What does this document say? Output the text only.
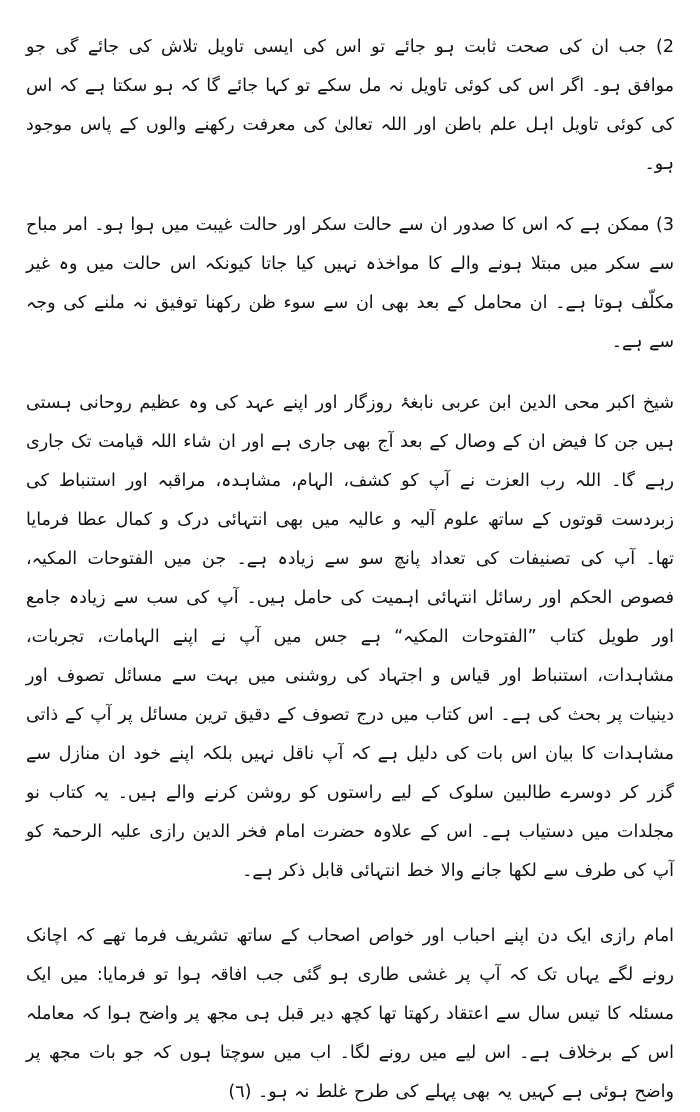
2) جب ان کی صحت ثابت ہو جائے تو اس کی ایسی تاویل تلاش کی جائے گی جو موافق ہو۔ اگر اس کی کوئی تاویل نہ مل سکے تو کہا جائے گا کہ ہو سکتا ہے کہ اس کی کوئی تاویل اہل علم باطن اور اللہ تعالیٰ کی معرفت رکھنے والوں کے پاس موجود ہو۔

3) ممکن ہے کہ اس کا صدور ان سے حالت سکر اور حالت غیبت میں ہوا ہو۔ امر مباح سے سکر میں مبتلا ہونے والے کا مواخذہ نہیں کیا جاتا کیونکہ اس حالت میں وہ غیر مکلّف ہوتا ہے۔ ان محامل کے بعد بھی ان سے سوء ظن رکھنا توفیق نہ ملنے کی وجہ سے ہے۔

شیخ اکبر محی الدین ابن عربی نابغۂ روزگار اور اپنے عہد کی وہ عظیم روحانی ہستی ہیں جن کا فیض ان کے وصال کے بعد آج بھی جاری ہے اور ان شاء اللہ قیامت تک جاری رہے گا۔ اللہ رب العزت نے آپ کو کشف، الہام، مشاہدہ، مراقبہ اور استنباط کی زبردست قوتوں کے ساتھ علوم آلیہ و عالیہ میں بھی انتہائی درک و کمال عطا فرمایا تھا۔ آپ کی تصنیفات کی تعداد پانچ سو سے زیادہ ہے۔ جن میں الفتوحات المکیہ، فصوص الحکم اور رسائل انتہائی اہمیت کی حامل ہیں۔ آپ کی سب سے زیادہ جامع اور طویل کتاب ”الفتوحات المکیہ“ ہے جس میں آپ نے اپنے الہامات، تجربات، مشاہدات، استنباط اور قیاس و اجتہاد کی روشنی میں بہت سے مسائل تصوف اور دینیات پر بحث کی ہے۔ اس کتاب میں درج تصوف کے دقیق ترین مسائل پر آپ کے ذاتی مشاہدات کا بیان اس بات کی دلیل ہے کہ آپ ناقل نہیں بلکہ اپنے خود ان منازل سے گزر کر دوسرے طالبین سلوک کے لیے راستوں کو روشن کرنے والے ہیں۔ یہ کتاب نو مجلدات میں دستیاب ہے۔ اس کے علاوہ حضرت امام فخر الدین رازی علیہ الرحمۃ کو آپ کی طرف سے لکھا جانے والا خط انتہائی قابل ذکر ہے۔

امام رازی ایک دن اپنے احباب اور خواص اصحاب کے ساتھ تشریف فرما تھے کہ اچانک رونے لگے یہاں تک کہ آپ پر غشی طاری ہو گئی جب افاقہ ہوا تو فرمایا: میں ایک مسئلہ کا تیس سال سے اعتقاد رکھتا تھا کچھ دیر قبل ہی مجھ پر واضح ہوا کہ معاملہ اس کے برخلاف ہے۔ اس لیے میں رونے لگا۔ اب میں سوچتا ہوں کہ جو بات مجھ پر واضح ہوئی ہے کہیں یہ بھی پہلے کی طرح غلط نہ ہو۔ (٦)
